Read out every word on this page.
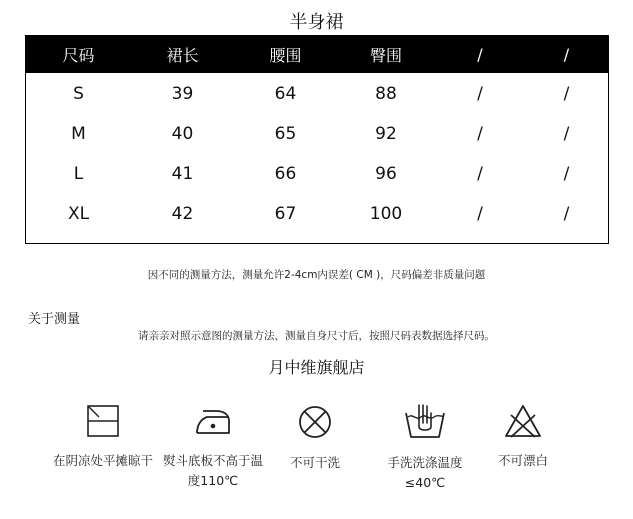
半身裙
尺码	裙长	腰围	臀围	/	/
S	39	64	88	/	/
M	40	65	92	/	/
L	41	66	96	/	/
XL	42	67	100	/	/
因不同的测量方法，测量允许2-4cm内误差( CM )，尺码偏差非质量问题
关于测量
请亲亲对照示意图的测量方法，测量自身尺寸后，按照尺码表数据选择尺码。
月中维旗舰店
在阴凉处平摊晾干 熨斗底板不高于温度110℃
不可干洗	手洗洗涤温度≤40℃
不可漂白
